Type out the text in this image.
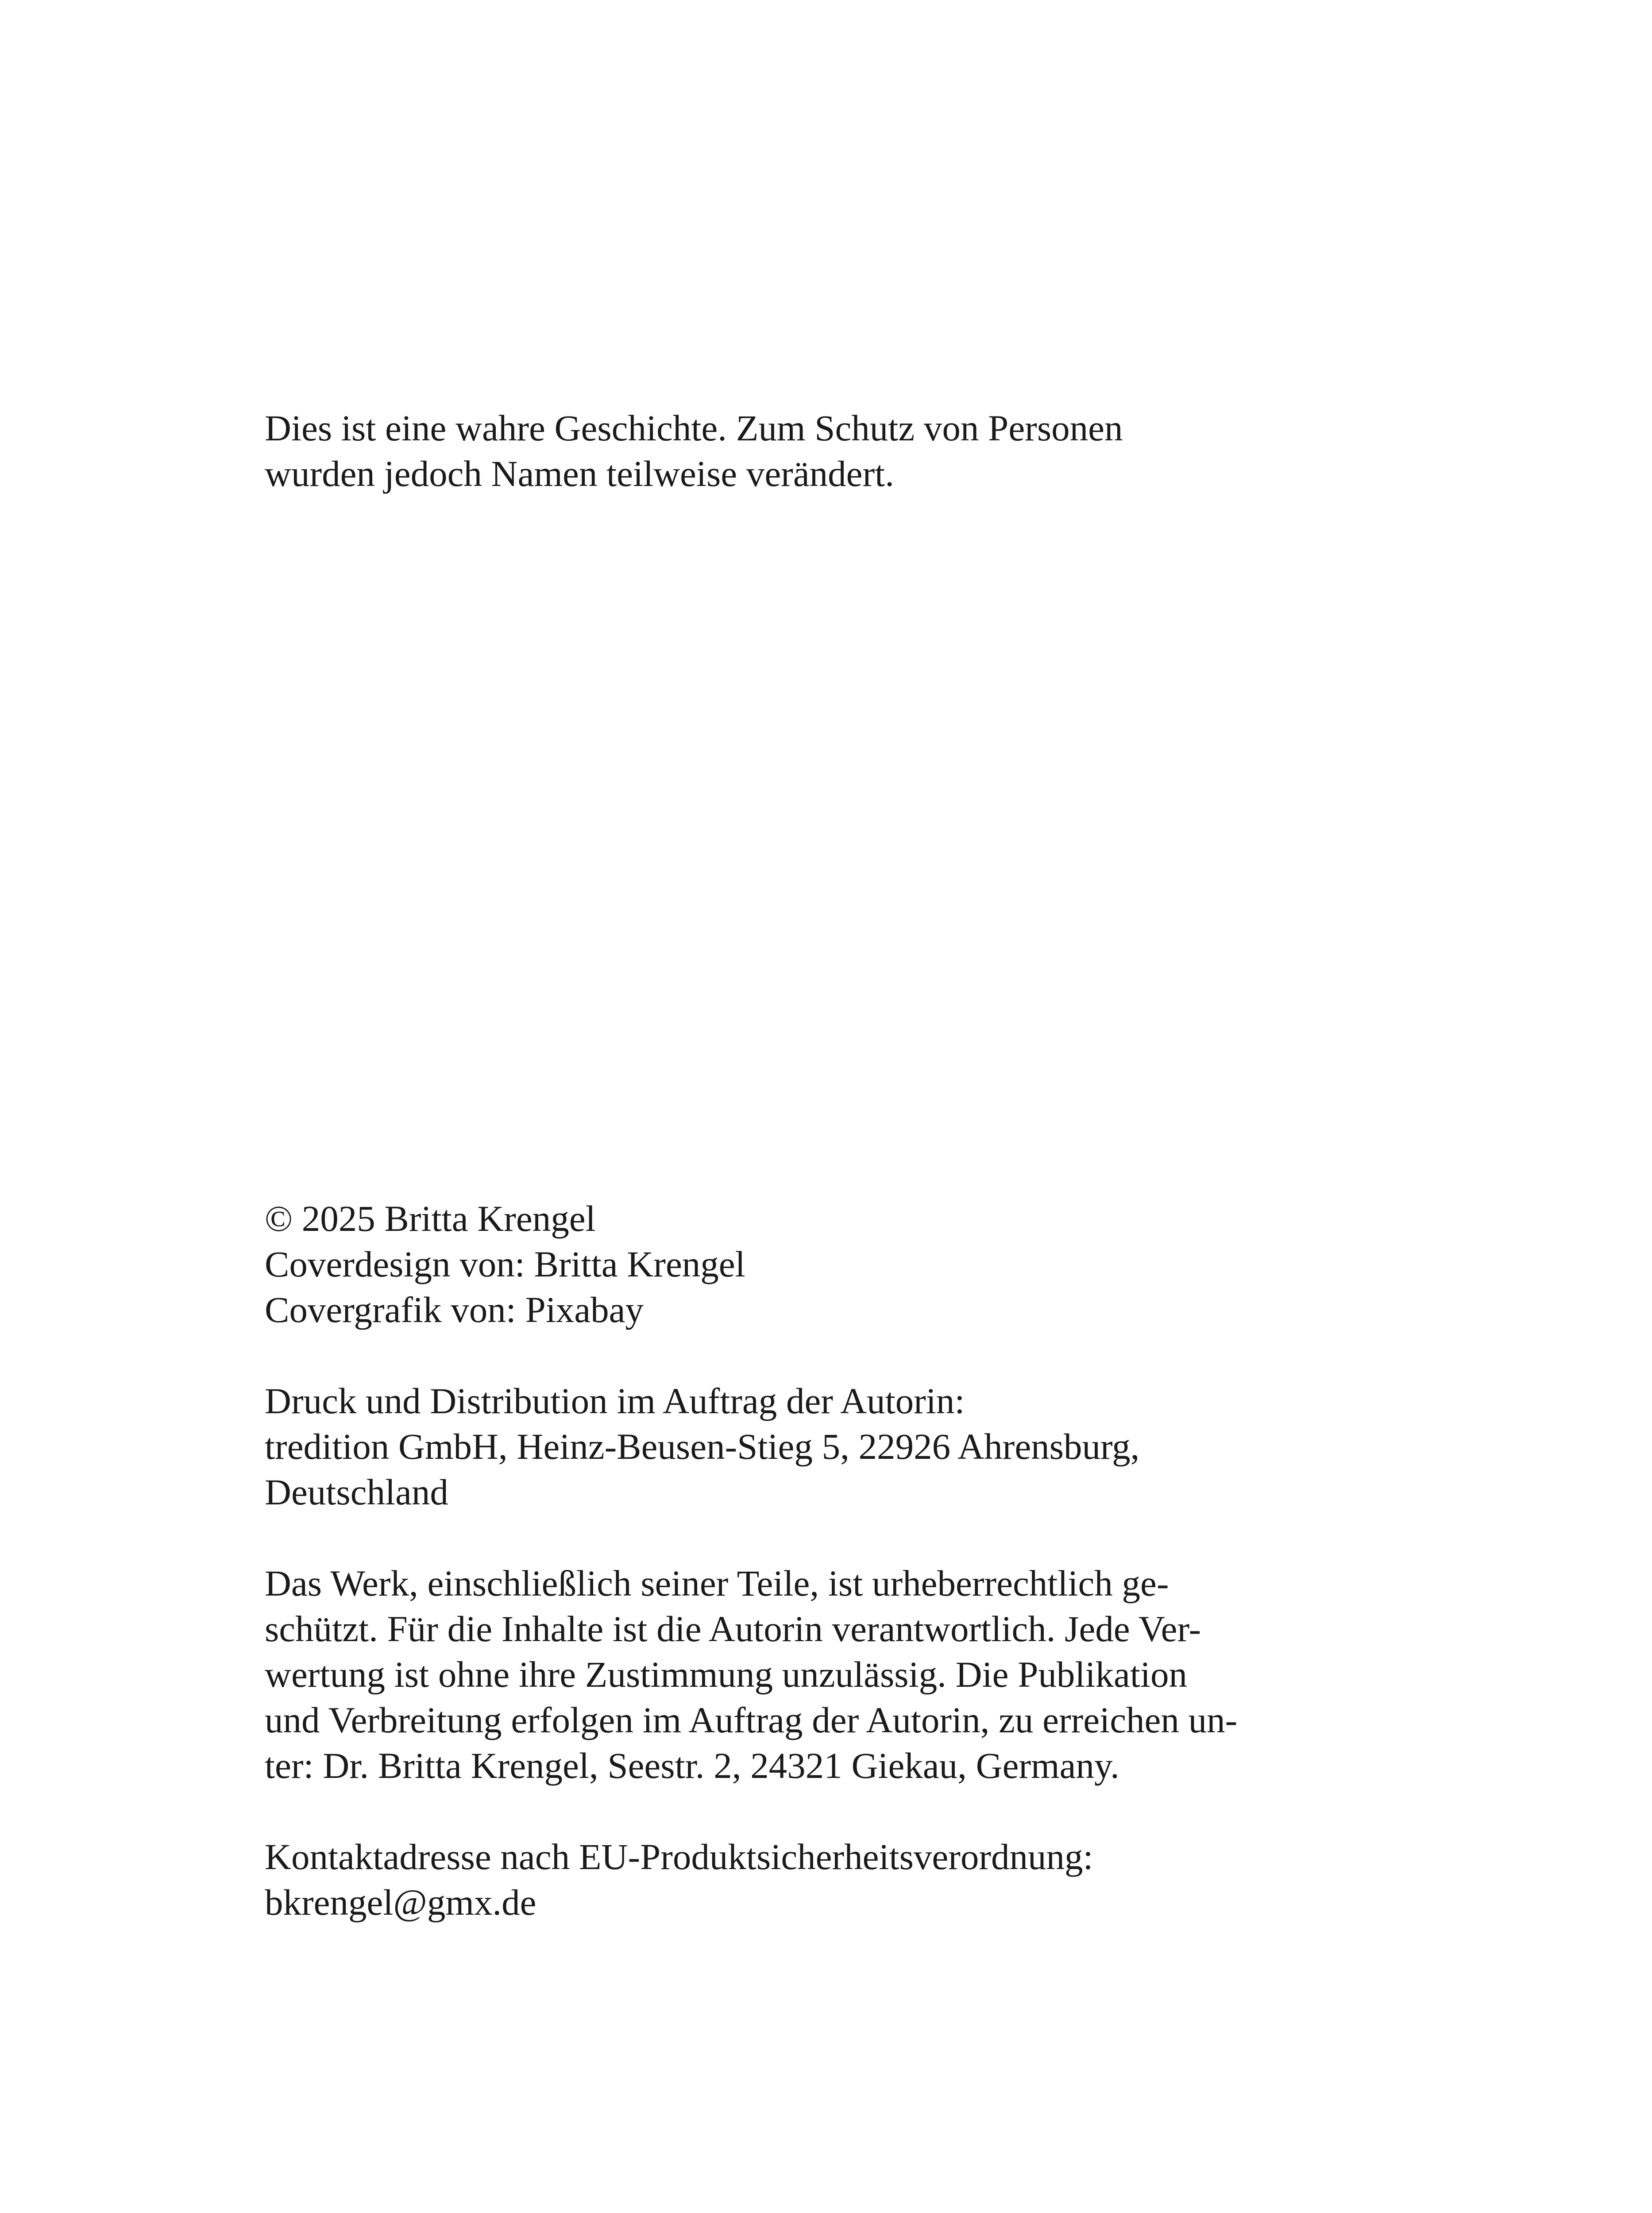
Dies ist eine wahre Geschichte. Zum Schutz von Personen
wurden jedoch Namen teilweise verändert.
© 2025 Britta Krengel
Coverdesign von: Britta Krengel
Covergrafik von: Pixabay
Druck und Distribution im Auftrag der Autorin:
tredition GmbH, Heinz-Beusen-Stieg 5, 22926 Ahrensburg,
Deutschland
Das Werk, einschließlich seiner Teile, ist urheberrechtlich ge-
schützt. Für die Inhalte ist die Autorin verantwortlich. Jede Ver-
wertung ist ohne ihre Zustimmung unzulässig. Die Publikation
und Verbreitung erfolgen im Auftrag der Autorin, zu erreichen un-
ter: Dr. Britta Krengel, Seestr. 2, 24321 Giekau, Germany.
Kontaktadresse nach EU-Produktsicherheitsverordnung:
bkrengel@gmx.de
